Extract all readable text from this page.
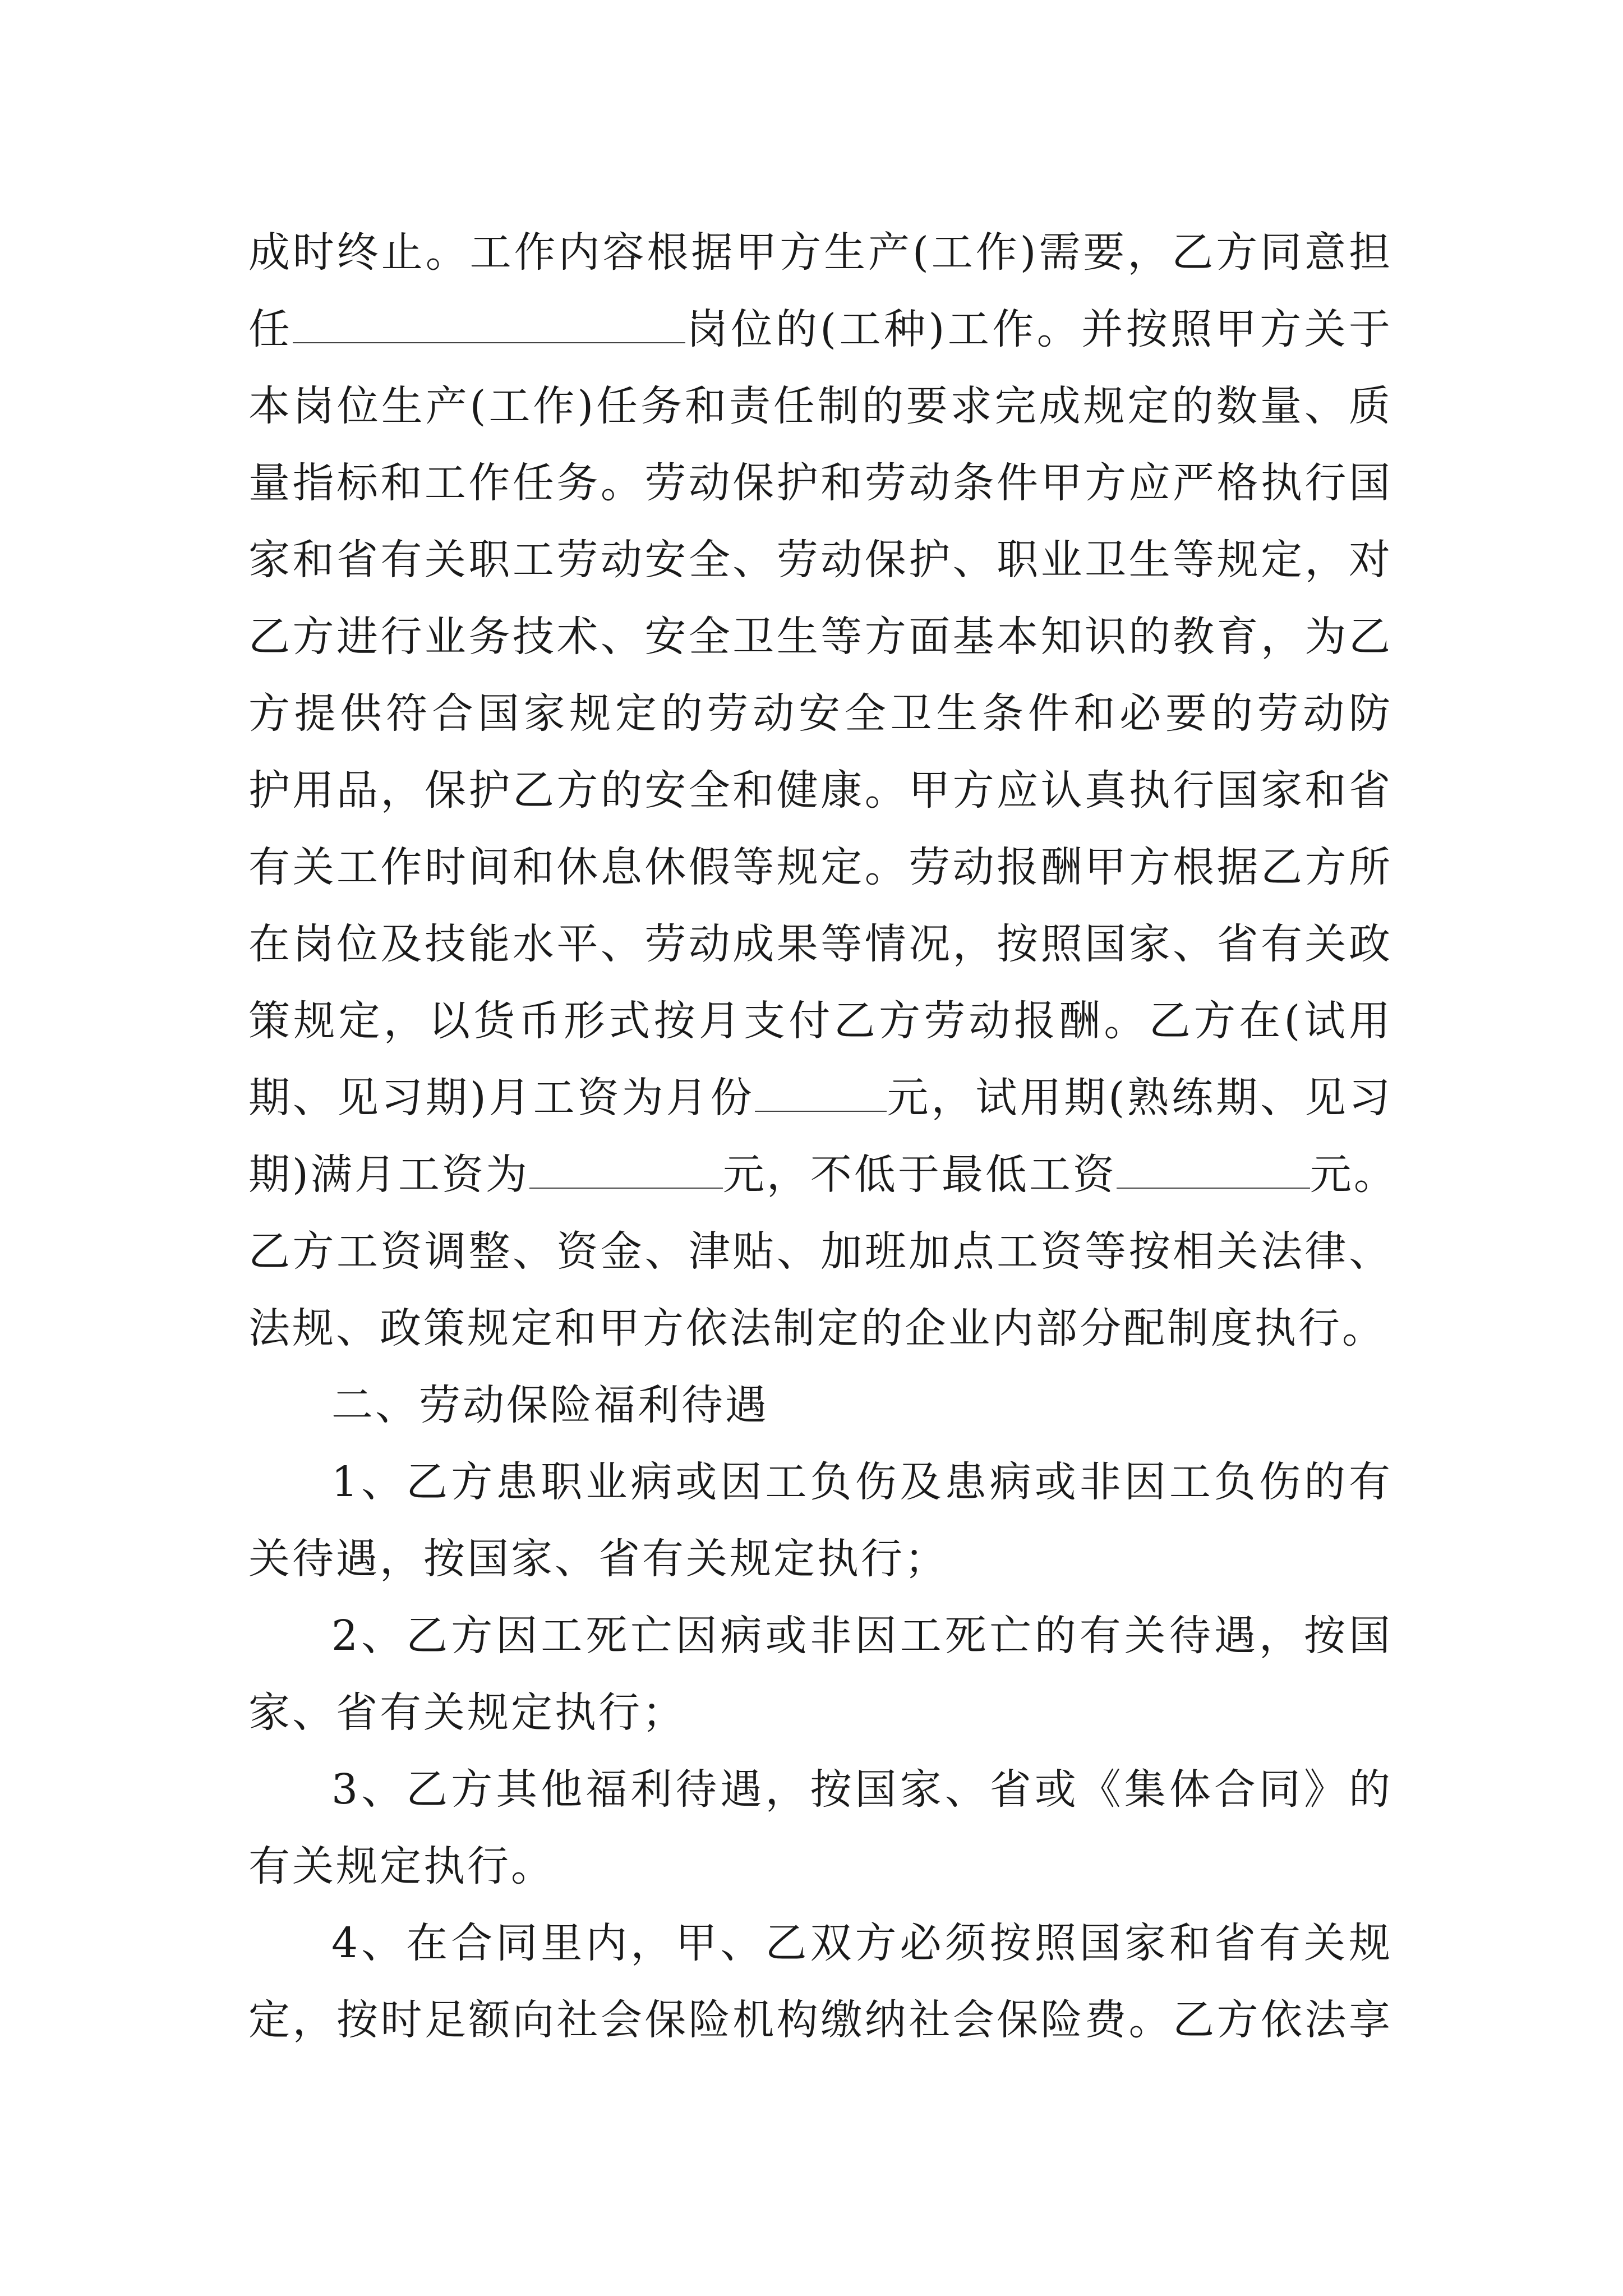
成时终止。工作内容根据甲方生产(工作)需要，乙方同意担
任	岗位的(工种)工作。并按照甲方关于
本岗位生产(工作)任务和责任制的要求完成规定的数量、质
量指标和工作任务。劳动保护和劳动条件甲方应严格执行国
家和省有关职工劳动安全、劳动保护、职业卫生等规定，对
乙方进行业务技术、安全卫生等方面基本知识的教育，为乙
方提供符合国家规定的劳动安全卫生条件和必要的劳动防
护用品，保护乙方的安全和健康。甲方应认真执行国家和省
有关工作时间和休息休假等规定。劳动报酬甲方根据乙方所
在岗位及技能水平、劳动成果等情况，按照国家、省有关政
策规定，以货币形式按月支付乙方劳动报酬。乙方在(试用
期、见习期)月工资为月份	元，试用期(熟练期、见习
期)满月工资为	元，不低于最低工资	元。
乙方工资调整、资金、津贴、加班加点工资等按相关法律、
法规、政策规定和甲方依法制定的企业内部分配制度执行。
二、劳动保险福利待遇
1、乙方患职业病或因工负伤及患病或非因工负伤的有
关待遇，按国家、省有关规定执行；
2、乙方因工死亡因病或非因工死亡的有关待遇，按国
家、省有关规定执行；
3、乙方其他福利待遇，按国家、省或《集体合同》的
有关规定执行。
4、在合同里内，甲、乙双方必须按照国家和省有关规
定，按时足额向社会保险机构缴纳社会保险费。乙方依法享
